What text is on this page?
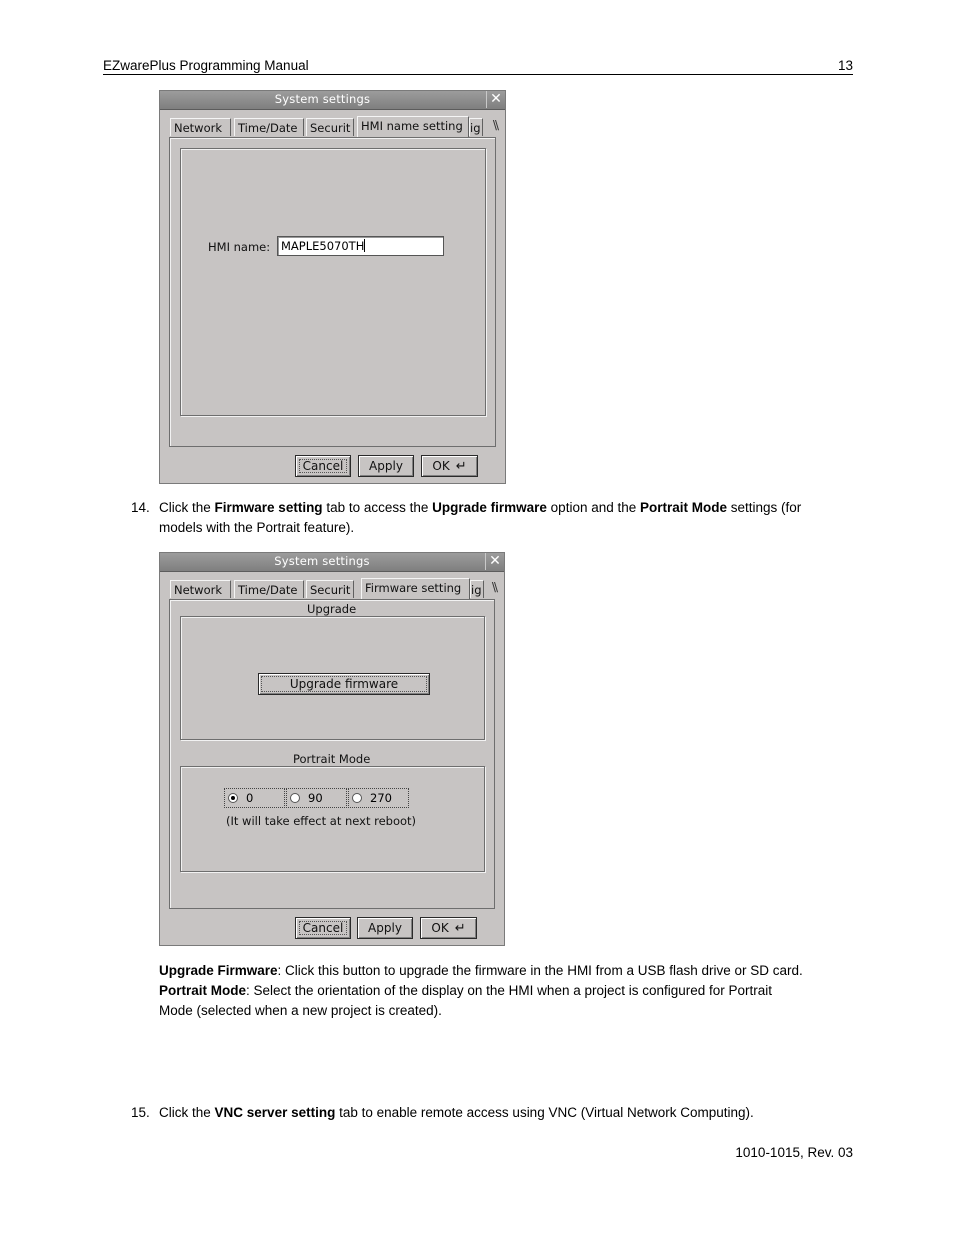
EZwarePlus Programming Manual	13
System settings	✕
Network	Time/Date	Securit HMI name setting ig \\
HMI name: MAPLE5070TH
Cancel	Apply	OK ↵
14. Click the Firmware setting tab to access the Upgrade firmware option and the Portrait Mode settings (for
models with the Portrait feature).
System settings	✕
Network	Time/Date	Securit	Firmware setting ig \\
Upgrade
Upgrade firmware
Portrait Mode
0	90	270
(It will take effect at next reboot)
Cancel	Apply	OK ↵
Upgrade Firmware: Click this button to upgrade the firmware in the HMI from a USB flash drive or SD card.
Portrait Mode: Select the orientation of the display on the HMI when a project is configured for Portrait
Mode (selected when a new project is created).
15. Click the VNC server setting tab to enable remote access using VNC (Virtual Network Computing).
1010-1015, Rev. 03
